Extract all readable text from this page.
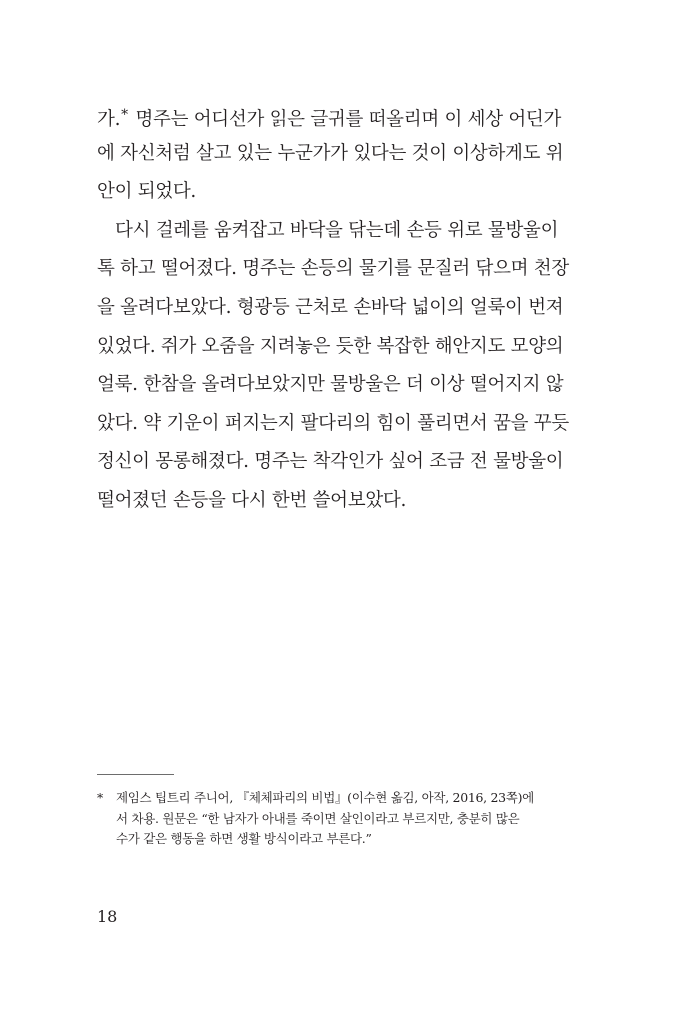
가.* 명주는 어디선가 읽은 글귀를 떠올리며 이 세상 어딘가
에 자신처럼 살고 있는 누군가가 있다는 것이 이상하게도 위
안이 되었다.
다시 걸레를 움켜잡고 바닥을 닦는데 손등 위로 물방울이
톡 하고 떨어졌다. 명주는 손등의 물기를 문질러 닦으며 천장
을 올려다보았다. 형광등 근처로 손바닥 넓이의 얼룩이 번져
있었다. 쥐가 오줌을 지려놓은 듯한 복잡한 해안지도 모양의
얼룩. 한참을 올려다보았지만 물방울은 더 이상 떨어지지 않
았다. 약 기운이 퍼지는지 팔다리의 힘이 풀리면서 꿈을 꾸듯
정신이 몽롱해졌다. 명주는 착각인가 싶어 조금 전 물방울이
떨어졌던 손등을 다시 한번 쓸어보았다.
* 제임스 팁트리 주니어, 『체체파리의 비법』(이수현 옮김, 아작, 2016, 23쪽)에
서 차용. 원문은 “한 남자가 아내를 죽이면 살인이라고 부르지만, 충분히 많은
수가 같은 행동을 하면 생활 방식이라고 부른다.”
18
